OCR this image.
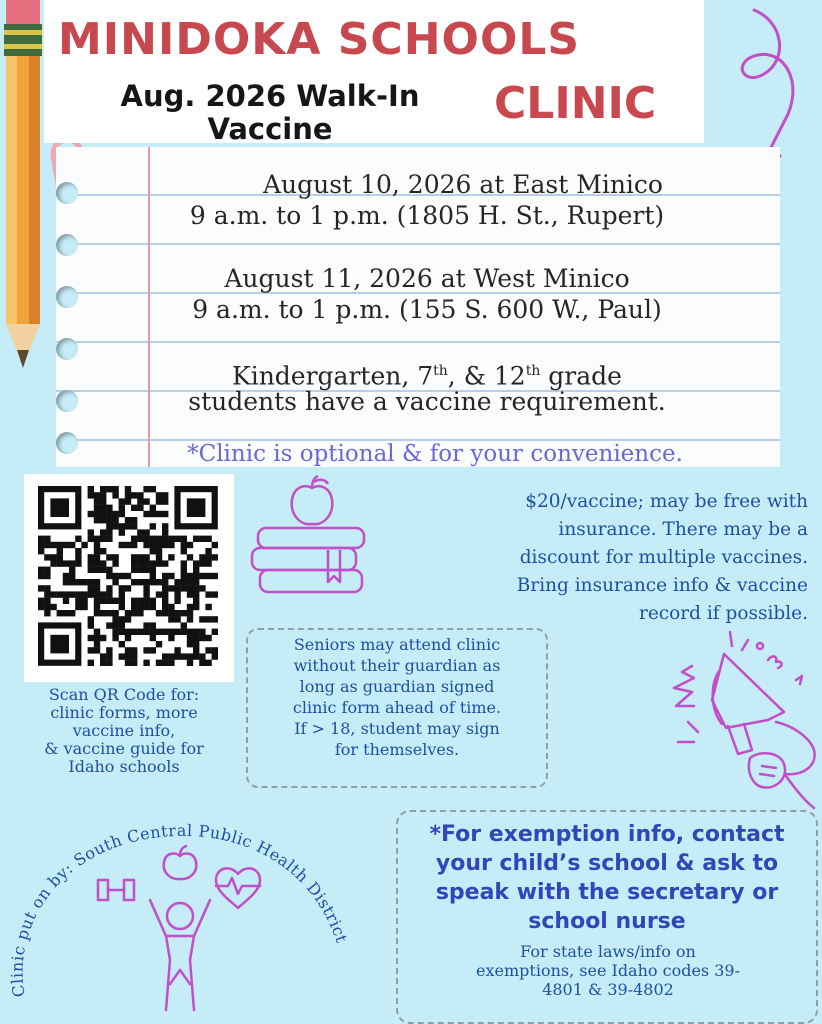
MINIDOKA SCHOOLS
Aug. 2026 Walk-In
Vaccine	CLINIC
August 10, 2026 at East Minico
9 a.m. to 1 p.m. (1805 H. St., Rupert)
August 11, 2026 at West Minico
9 a.m. to 1 p.m. (155 S. 600 W., Paul)
Kindergarten, 7th, & 12th grade
students have a vaccine requirement.
*Clinic is optional & for your convenience.
Scan QR Code for:
clinic forms, more
vaccine info,
& vaccine guide for
Idaho schools
$20/vaccine; may be free with
insurance. There may be a
discount for multiple vaccines.
Bring insurance info & vaccine
record if possible.
Seniors may attend clinic
without their guardian as
long as guardian signed
clinic form ahead of time.
If > 18, student may sign
for themselves.
*For exemption info, contact
your child’s school & ask to
speak with the secretary or
school nurse
For state laws/info on
exemptions, see Idaho codes 39-
4801 & 39-4802
Clinic put on by: South Central Public Health District
